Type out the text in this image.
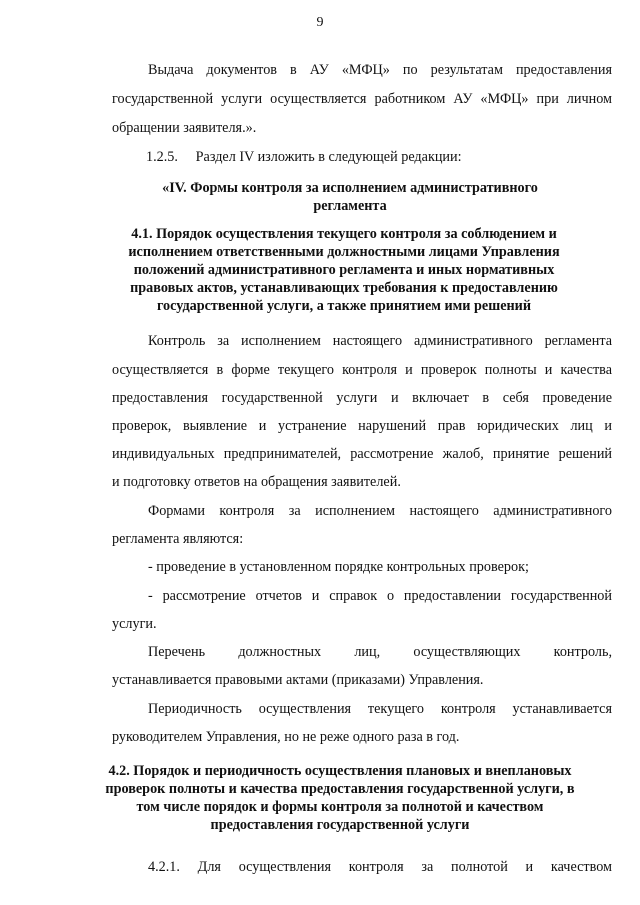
9
Выдача документов в АУ «МФЦ» по результатам предоставления
государственной услуги осуществляется работником АУ «МФЦ» при личном
обращении заявителя.».
1.2.5.     Раздел IV изложить в следующей редакции:
«IV. Формы контроля за исполнением административного
регламента
4.1. Порядок осуществления текущего контроля за соблюдением и
исполнением ответственными должностными лицами Управления
положений административного регламента и иных нормативных
правовых актов, устанавливающих требования к предоставлению
государственной услуги, а также принятием ими решений
Контроль за исполнением настоящего административного регламента
осуществляется в форме текущего контроля и проверок полноты и качества
предоставления государственной услуги и включает в себя проведение
проверок, выявление и устранение нарушений прав юридических лиц и
индивидуальных предпринимателей, рассмотрение жалоб, принятие решений
и подготовку ответов на обращения заявителей.
Формами контроля за исполнением настоящего административного
регламента являются:
- проведение в установленном порядке контрольных проверок;
- рассмотрение отчетов и справок о предоставлении государственной
услуги.
Перечень должностных лиц, осуществляющих контроль,
устанавливается правовыми актами (приказами) Управления.
Периодичность осуществления текущего контроля устанавливается
руководителем Управления, но не реже одного раза в год.
4.2. Порядок и периодичность осуществления плановых и внеплановых
проверок полноты и качества предоставления государственной услуги, в
том числе порядок и формы контроля за полнотой и качеством
предоставления государственной услуги
4.2.1. Для осуществления контроля за полнотой и качеством
